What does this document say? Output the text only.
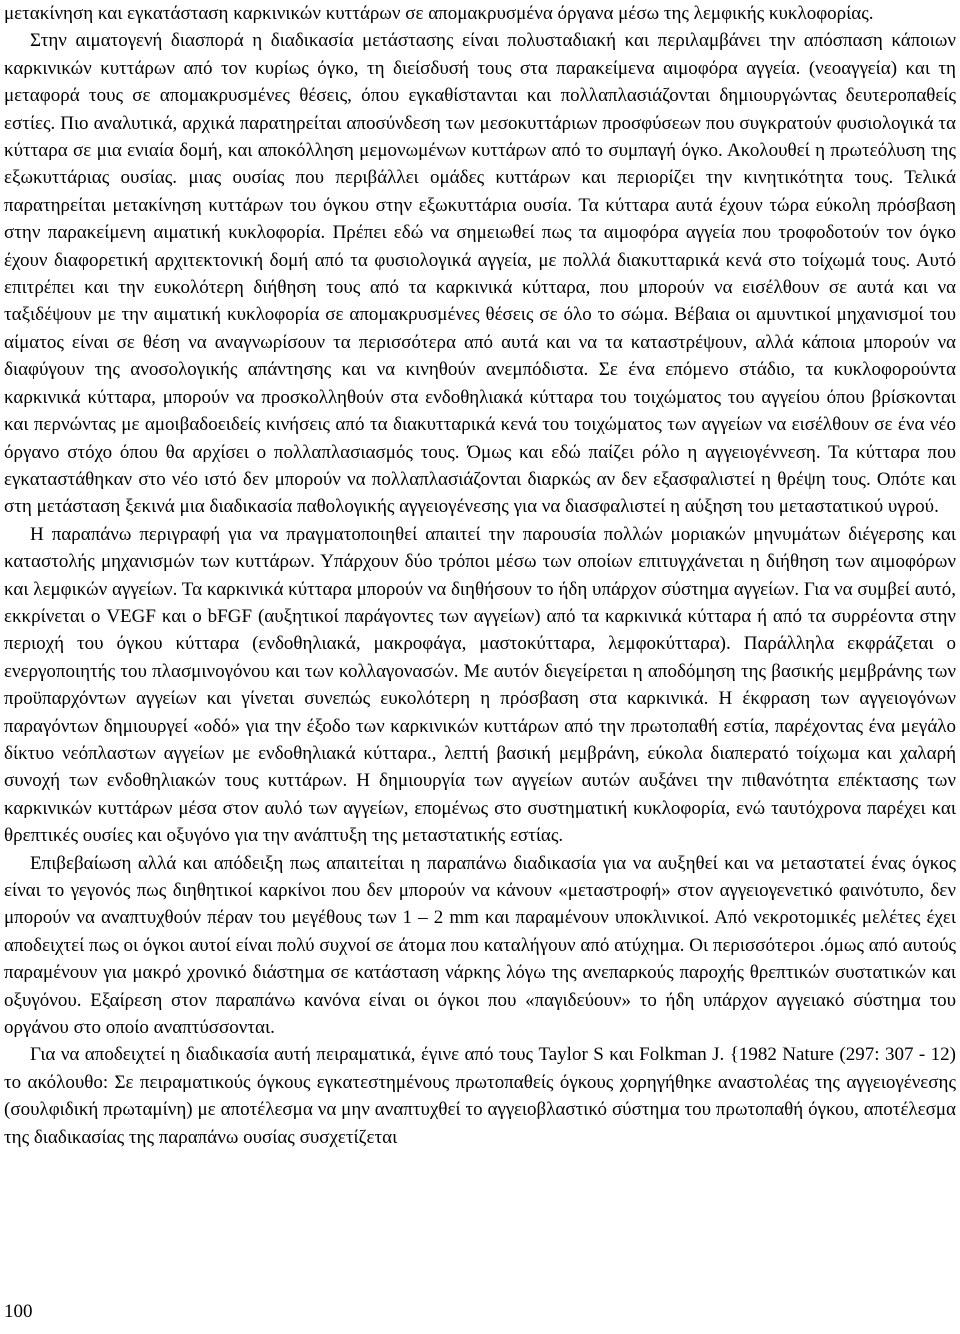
μετακίνηση και εγκατάσταση καρκινικών κυττάρων σε απομακρυσμένα όργανα μέσω της λεμφικής κυκλοφορίας.

Στην αιματογενή διασπορά η διαδικασία μετάστασης είναι πολυσταδιακή και περιλαμβάνει την απόσπαση κάποιων καρκινικών κυττάρων από τον κυρίως όγκο, τη διείσδυσή τους στα παρακείμενα αιμοφόρα αγγεία. (νεοαγγεία) και τη μεταφορά τους σε απομακρυσμένες θέσεις, όπου εγκαθίστανται και πολλαπλασιάζονται δημιουργώντας δευτεροπαθείς εστίες. Πιο αναλυτικά, αρχικά παρατηρείται αποσύνδεση των μεσοκυττάριων προσφύσεων που συγκρατούν φυσιολογικά τα κύτταρα σε μια ενιαία δομή, και αποκόλληση μεμονωμένων κυττάρων από το συμπαγή όγκο. Ακολουθεί η πρωτεόλυση της εξωκυττάριας ουσίας. μιας ουσίας που περιβάλλει ομάδες κυττάρων και περιορίζει την κινητικότητα τους. Τελικά παρατηρείται μετακίνηση κυττάρων του όγκου στην εξωκυττάρια ουσία. Τα κύτταρα αυτά έχουν τώρα εύκολη πρόσβαση στην παρακείμενη αιματική κυκλοφορία. Πρέπει εδώ να σημειωθεί πως τα αιμοφόρα αγγεία που τροφοδοτούν τον όγκο έχουν διαφορετική αρχιτεκτονική δομή από τα φυσιολογικά αγγεία, με πολλά διακυτταρικά κενά στο τοίχωμά τους. Αυτό επιτρέπει και την ευκολότερη διήθηση τους από τα καρκινικά κύτταρα, που μπορούν να εισέλθουν σε αυτά και να ταξιδέψουν με την αιματική κυκλοφορία σε απομακρυσμένες θέσεις σε όλο το σώμα. Βέβαια οι αμυντικοί μηχανισμοί του αίματος είναι σε θέση να αναγνωρίσουν τα περισσότερα από αυτά και να τα καταστρέψουν, αλλά κάποια μπορούν να διαφύγουν της ανοσολογικής απάντησης και να κινηθούν ανεμπόδιστα. Σε ένα επόμενο στάδιο, τα κυκλοφορούντα καρκινικά κύτταρα, μπορούν να προσκολληθούν στα ενδοθηλιακά κύτταρα του τοιχώματος του αγγείου όπου βρίσκονται και περνώντας με αμοιβαδοειδείς κινήσεις από τα διακυτταρικά κενά του τοιχώματος των αγγείων να εισέλθουν σε ένα νέο όργανο στόχο όπου θα αρχίσει ο πολλαπλασιασμός τους. Όμως και εδώ παίζει ρόλο η αγγειογέννεση. Τα κύτταρα που εγκαταστάθηκαν στο νέο ιστό δεν μπορούν να πολλαπλασιάζονται διαρκώς αν δεν εξασφαλιστεί η θρέψη τους. Οπότε και στη μετάσταση ξεκινά μια διαδικασία παθολογικής αγγειογένεσης για να διασφαλιστεί η αύξηση του μεταστατικού υγρού.

Η παραπάνω περιγραφή για να πραγματοποιηθεί απαιτεί την παρουσία πολλών μοριακών μηνυμάτων διέγερσης και καταστολής μηχανισμών των κυττάρων. Υπάρχουν δύο τρόποι μέσω των οποίων επιτυγχάνεται η διήθηση των αιμοφόρων και λεμφικών αγγείων. Τα καρκινικά κύτταρα μπορούν να διηθήσουν το ήδη υπάρχον σύστημα αγγείων. Για να συμβεί αυτό, εκκρίνεται ο VEGF και ο bFGF (αυξητικοί παράγοντες των αγγείων) από τα καρκινικά κύτταρα ή από τα συρρέοντα στην περιοχή του όγκου κύτταρα (ενδοθηλιακά, μακροφάγα, μαστοκύτταρα, λεμφοκύτταρα). Παράλληλα εκφράζεται ο ενεργοποιητής του πλασμινογόνου και των κολλαγονασών. Με αυτόν διεγείρεται η αποδόμηση της βασικής μεμβράνης των προϋπαρχόντων αγγείων και γίνεται συνεπώς ευκολότερη η πρόσβαση στα καρκινικά. Η έκφραση των αγγειογόνων παραγόντων δημιουργεί «οδό» για την έξοδο των καρκινικών κυττάρων από την πρωτοπαθή εστία, παρέχοντας ένα μεγάλο δίκτυο νεόπλαστων αγγείων με ενδοθηλιακά κύτταρα., λεπτή βασική μεμβράνη, εύκολα διαπερατό τοίχωμα και χαλαρή συνοχή των ενδοθηλιακών τους κυττάρων. Η δημιουργία των αγγείων αυτών αυξάνει την πιθανότητα επέκτασης των καρκινικών κυττάρων μέσα στον αυλό των αγγείων, επομένως στο συστηματική κυκλοφορία, ενώ ταυτόχρονα παρέχει και θρεπτικές ουσίες και οξυγόνο για την ανάπτυξη της μεταστατικής εστίας.

Επιβεβαίωση αλλά και απόδειξη πως απαιτείται η παραπάνω διαδικασία για να αυξηθεί και να μεταστατεί ένας όγκος είναι το γεγονός πως διηθητικοί καρκίνοι που δεν μπορούν να κάνουν «μεταστροφή» στον αγγειογενετικό φαινότυπο, δεν μπορούν να αναπτυχθούν πέραν του μεγέθους των 1 – 2 mm και παραμένουν υποκλινικοί. Από νεκροτομικές μελέτες έχει αποδειχτεί πως οι όγκοι αυτοί είναι πολύ συχνοί σε άτομα που καταλήγουν από ατύχημα. Οι περισσότεροι .όμως από αυτούς παραμένουν για μακρό χρονικό διάστημα σε κατάσταση νάρκης λόγω της ανεπαρκούς παροχής θρεπτικών συστατικών και οξυγόνου. Εξαίρεση στον παραπάνω κανόνα είναι οι όγκοι που «παγιδεύουν» το ήδη υπάρχον αγγειακό σύστημα του οργάνου στο οποίο αναπτύσσονται.

Για να αποδειχτεί η διαδικασία αυτή πειραματικά, έγινε από τους Taylor S και Folkman J. {1982 Nature (297: 307 - 12) το ακόλουθο: Σε πειραματικούς όγκους εγκατεστημένους πρωτοπαθείς όγκους χορηγήθηκε αναστολέας της αγγειογένεσης (σουλφιδική πρωταμίνη) με αποτέλεσμα να μην αναπτυχθεί το αγγειοβλαστικό σύστημα του πρωτοπαθή όγκου, αποτέλεσμα της διαδικασίας της παραπάνω ουσίας συσχετίζεται

100
